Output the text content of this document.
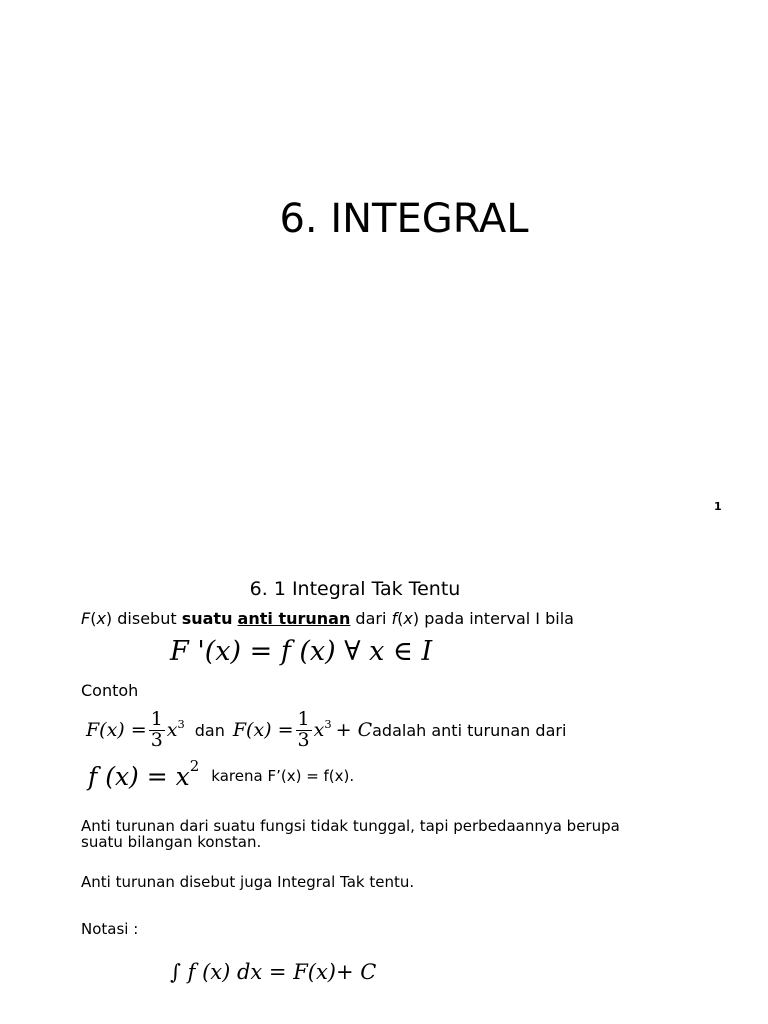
6. INTEGRAL
1
6. 1 Integral Tak Tentu
F(x) disebut suatu anti turunan dari f(x) pada interval I bila
F '(x) = f (x) ∀ x ∈ I
Contoh
$F(x) = \frac{1}{3} x^3$ dan $F(x) = \frac{1}{3} x^3 + C$ adalah anti turunan dari
f $(x) = x^2$
karena F’(x) = f(x).
Anti turunan dari suatu fungsi tidak tunggal, tapi perbedaannya berupa suatu bilangan konstan.
Anti turunan disebut juga Integral Tak tentu.
Notasi :
∫ f (x) dx = F(x)+ C
